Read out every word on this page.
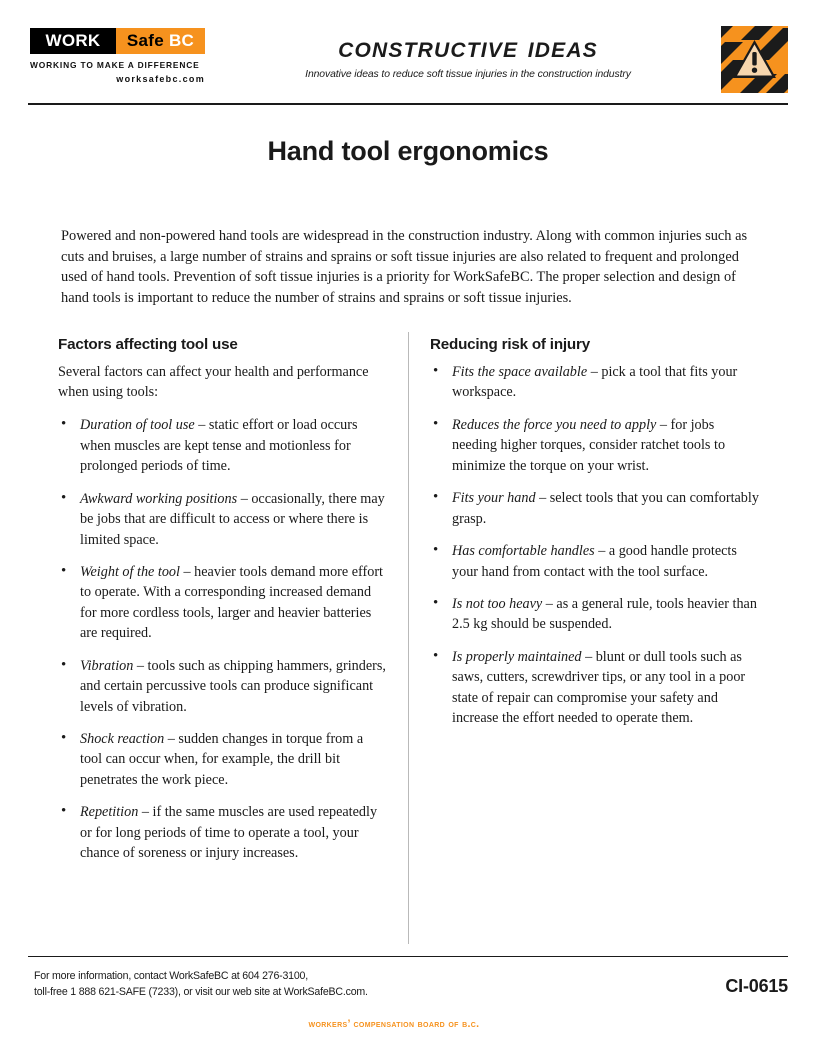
WORK	Safe BC
WORKING TO MAKE A DIFFERENCE
worksafebc.com
constructive ideas
Innovative ideas to reduce soft tissue injuries in the construction industry
Hand tool ergonomics

Powered and non-powered hand tools are widespread in the construction industry. Along with common injuries such as cuts and bruises, a large number of strains and sprains or soft tissue injuries are also related to frequent and prolonged used of hand tools. Prevention of soft tissue injuries is a priority for WorkSafeBC. The proper selection and design of hand tools is important to reduce the number of strains and sprains or soft tissue injuries.

Factors affecting tool use

Several factors can affect your health and performance when using tools:

• Duration of tool use – static effort or load occurs when muscles are kept tense and motionless for prolonged periods of time.
• Awkward working positions – occasionally, there may be jobs that are difficult to access or where there is limited space.
• Weight of the tool – heavier tools demand more effort to operate. With a corresponding increased demand for more cordless tools, larger and heavier batteries are required.
• Vibration – tools such as chipping hammers, grinders, and certain percussive tools can produce significant levels of vibration.
• Shock reaction – sudden changes in torque from a tool can occur when, for example, the drill bit penetrates the work piece.
• Repetition – if the same muscles are used repeatedly or for long periods of time to operate a tool, your chance of soreness or injury increases.
Reducing risk of injury
• Fits the space available – pick a tool that fits your workspace.
• Reduces the force you need to apply – for jobs needing higher torques, consider ratchet tools to minimize the torque on your wrist.
• Fits your hand – select tools that you can comfortably grasp.
• Has comfortable handles – a good handle protects your hand from contact with the tool surface.
• Is not too heavy – as a general rule, tools heavier than 2.5 kg should be suspended.
• Is properly maintained – blunt or dull tools such as saws, cutters, screwdriver tips, or any tool in a poor state of repair can compromise your safety and increase the effort needed to operate them.
For more information, contact WorkSafeBC at 604 276-3100,
toll-free 1 888 621-SAFE (7233), or visit our web site at WorkSafeBC.com.	CI-0615
workers’ compensation board of b.c.
